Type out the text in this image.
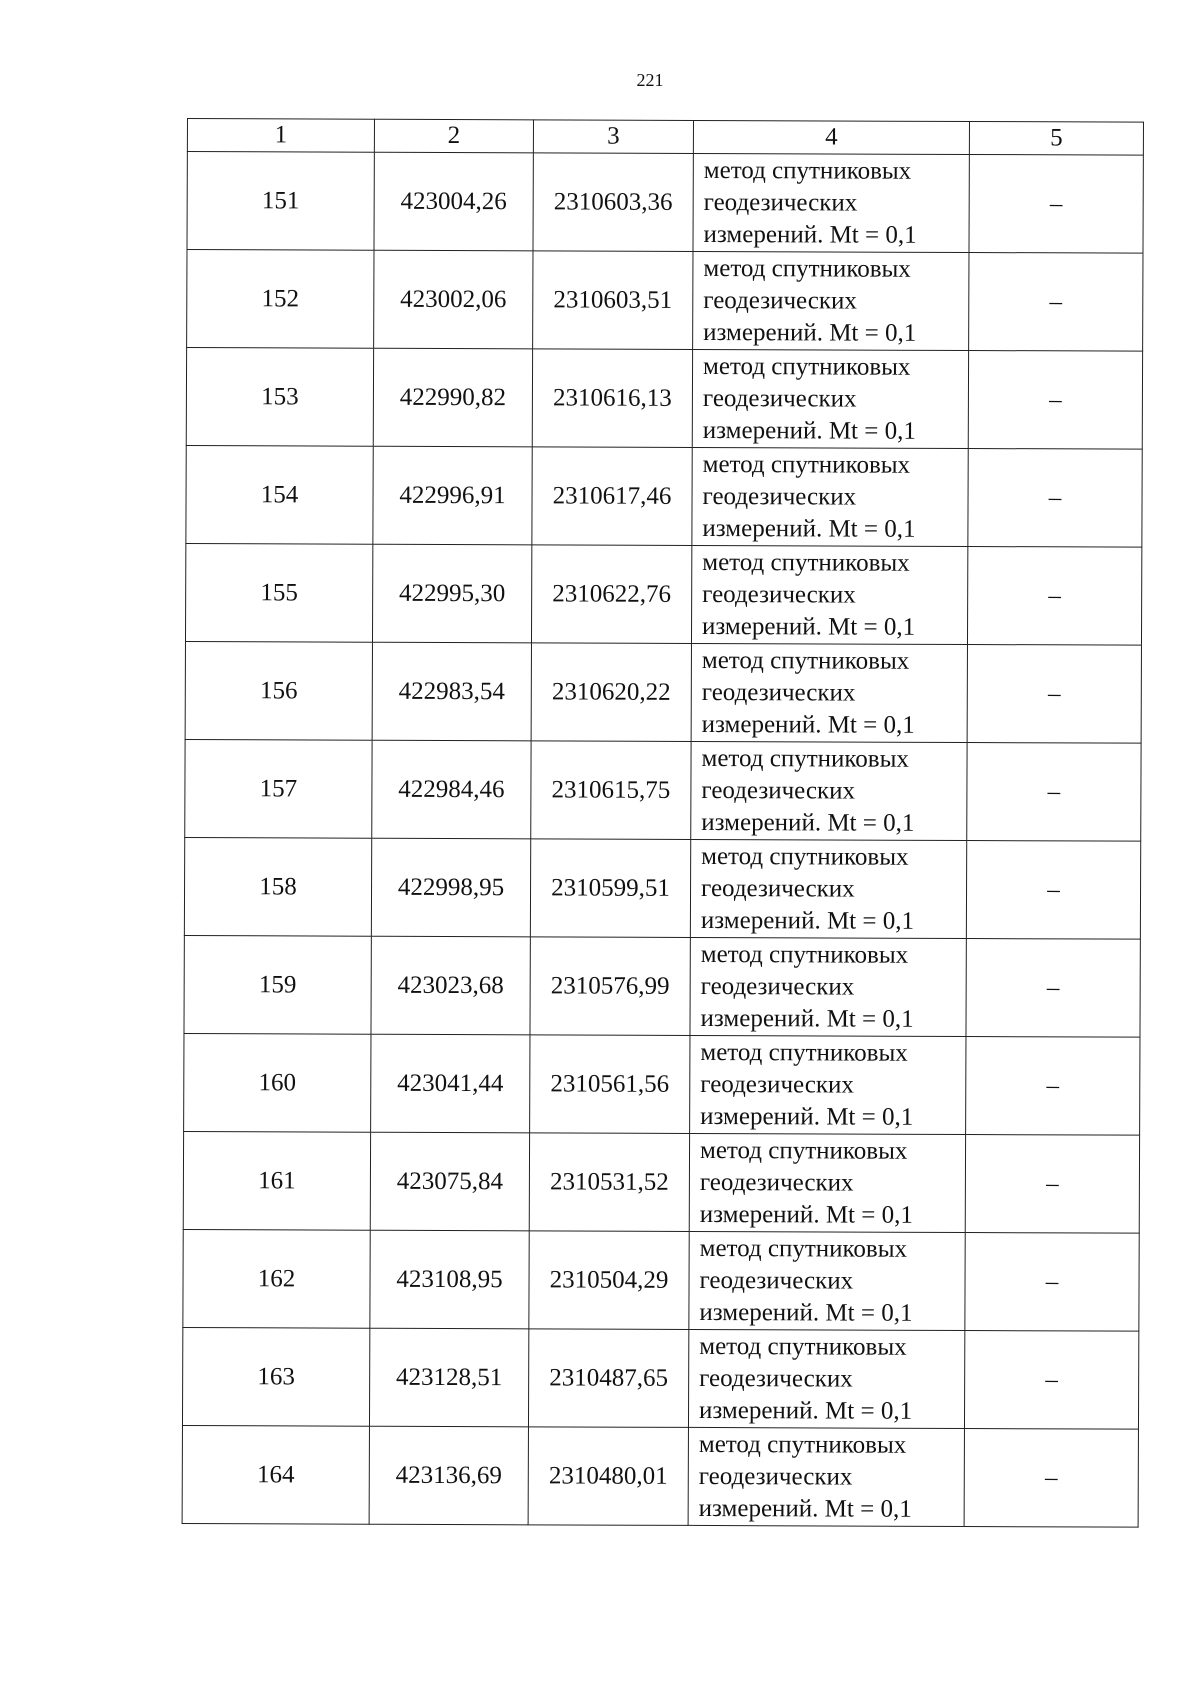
221
1	2	3	4	5
151	423004,26	2310603,36	метод спутниковых
геодезических
измерений. Mt = 0,1	–
152	423002,06	2310603,51	метод спутниковых
геодезических
измерений. Mt = 0,1	–
153	422990,82	2310616,13	метод спутниковых
геодезических
измерений. Mt = 0,1	–
154	422996,91	2310617,46	метод спутниковых
геодезических
измерений. Mt = 0,1	–
155	422995,30	2310622,76	метод спутниковых
геодезических
измерений. Mt = 0,1	–
156	422983,54	2310620,22	метод спутниковых
геодезических
измерений. Mt = 0,1	–
157	422984,46	2310615,75	метод спутниковых
геодезических
измерений. Mt = 0,1	–
158	422998,95	2310599,51	метод спутниковых
геодезических
измерений. Mt = 0,1	–
159	423023,68	2310576,99	метод спутниковых
геодезических
измерений. Mt = 0,1	–
160	423041,44	2310561,56	метод спутниковых
геодезических
измерений. Mt = 0,1	–
161	423075,84	2310531,52	метод спутниковых
геодезических
измерений. Mt = 0,1	–
162	423108,95	2310504,29	метод спутниковых
геодезических
измерений. Mt = 0,1	–
163	423128,51	2310487,65	метод спутниковых
геодезических
измерений. Mt = 0,1	–
164	423136,69	2310480,01	метод спутниковых
геодезических
измерений. Mt = 0,1	–
